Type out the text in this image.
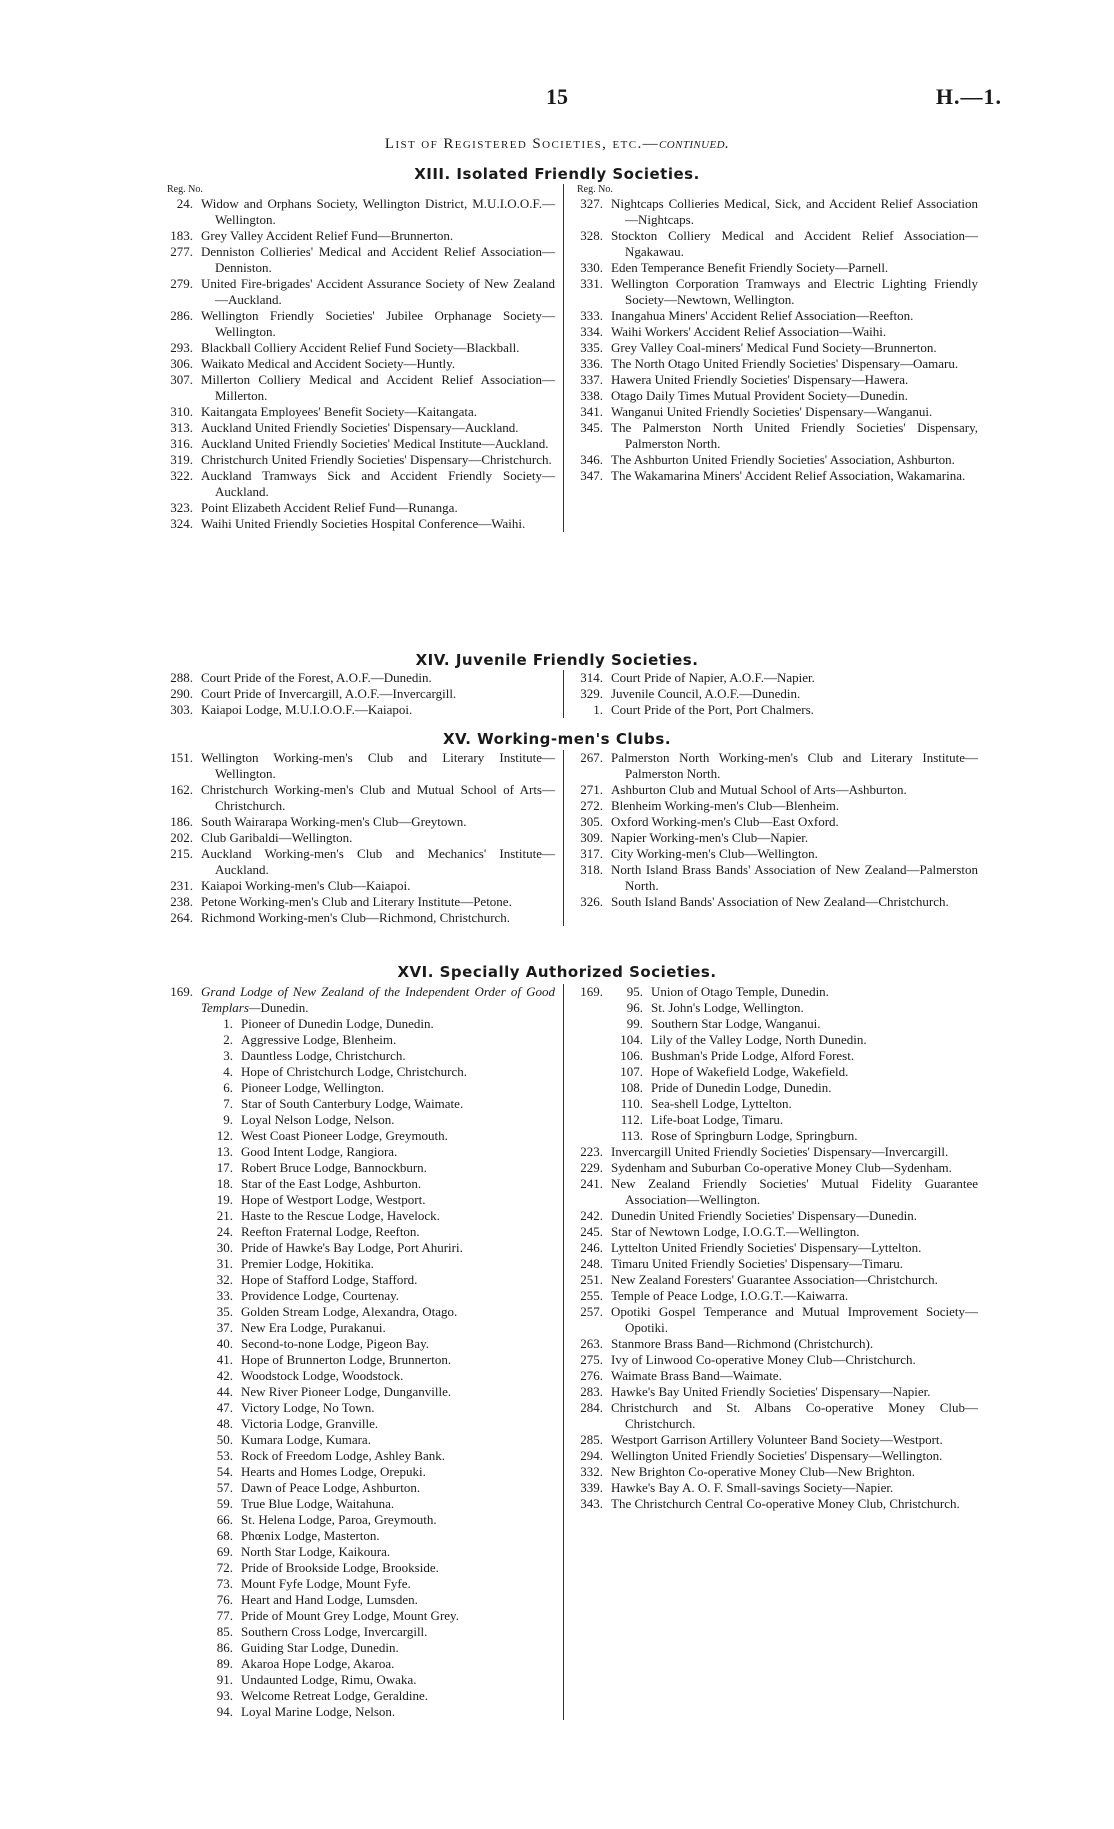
15	H.—1.
List of Registered Societies, etc.—continued.
XIII. Isolated Friendly Societies.
Reg. No.
24. Widow and Orphans Society, Wellington District, M.U.I.O.O.F.—Wellington.
183. Grey Valley Accident Relief Fund—Brunnerton.
277. Denniston Collieries' Medical and Accident Relief Association—Denniston.
279. United Fire-brigades' Accident Assurance Society of New Zealand—Auckland.
286. Wellington Friendly Societies' Jubilee Orphanage Society—Wellington.
293. Blackball Colliery Accident Relief Fund Society—Blackball.
306. Waikato Medical and Accident Society—Huntly.
307. Millerton Colliery Medical and Accident Relief Association—Millerton.
310. Kaitangata Employees' Benefit Society—Kaitangata.
313. Auckland United Friendly Societies' Dispensary—Auckland.
316. Auckland United Friendly Societies' Medical Institute—Auckland.
319. Christchurch United Friendly Societies' Dispensary—Christchurch.
322. Auckland Tramways Sick and Accident Friendly Society—Auckland.
323. Point Elizabeth Accident Relief Fund—Runanga.
324. Waihi United Friendly Societies Hospital Conference—Waihi.
Reg. No.
327. Nightcaps Collieries Medical, Sick, and Accident Relief Association—Nightcaps.
328. Stockton Colliery Medical and Accident Relief Association—Ngakawau.
330. Eden Temperance Benefit Friendly Society—Parnell.
331. Wellington Corporation Tramways and Electric Lighting Friendly Society—Newtown, Wellington.
333. Inangahua Miners' Accident Relief Association—Reefton.
334. Waihi Workers' Accident Relief Association—Waihi.
335. Grey Valley Coal-miners' Medical Fund Society—Brunnerton.
336. The North Otago United Friendly Societies' Dispensary—Oamaru.
337. Hawera United Friendly Societies' Dispensary—Hawera.
338. Otago Daily Times Mutual Provident Society—Dunedin.
341. Wanganui United Friendly Societies' Dispensary—Wanganui.
345. The Palmerston North United Friendly Societies' Dispensary, Palmerston North.
346. The Ashburton United Friendly Societies' Association, Ashburton.
347. The Wakamarina Miners' Accident Relief Association, Wakamarina.
XIV. Juvenile Friendly Societies.
288. Court Pride of the Forest, A.O.F.—Dunedin.
290. Court Pride of Invercargill, A.O.F.—Invercargill.
303. Kaiapoi Lodge, M.U.I.O.O.F.—Kaiapoi.
314. Court Pride of Napier, A.O.F.—Napier.
329. Juvenile Council, A.O.F.—Dunedin.
1. Court Pride of the Port, Port Chalmers.
XV. Working-men's Clubs.
151. Wellington Working-men's Club and Literary Institute—Wellington.
162. Christchurch Working-men's Club and Mutual School of Arts—Christchurch.
186. South Wairarapa Working-men's Club—Greytown.
202. Club Garibaldi—Wellington.
215. Auckland Working-men's Club and Mechanics' Institute—Auckland.
231. Kaiapoi Working-men's Club—Kaiapoi.
238. Petone Working-men's Club and Literary Institute—Petone.
264. Richmond Working-men's Club—Richmond, Christchurch.
267. Palmerston North Working-men's Club and Literary Institute—Palmerston North.
271. Ashburton Club and Mutual School of Arts—Ashburton.
272. Blenheim Working-men's Club—Blenheim.
305. Oxford Working-men's Club—East Oxford.
309. Napier Working-men's Club—Napier.
317. City Working-men's Club—Wellington.
318. North Island Brass Bands' Association of New Zealand—Palmerston North.
326. South Island Bands' Association of New Zealand—Christchurch.
XVI. Specially Authorized Societies.
169. Grand Lodge of New Zealand of the Independent Order of Good Templars—Dunedin.
1. Pioneer of Dunedin Lodge, Dunedin.
2. Aggressive Lodge, Blenheim.
3. Dauntless Lodge, Christchurch.
4. Hope of Christchurch Lodge, Christchurch.
6. Pioneer Lodge, Wellington.
7. Star of South Canterbury Lodge, Waimate.
9. Loyal Nelson Lodge, Nelson.
12. West Coast Pioneer Lodge, Greymouth.
13. Good Intent Lodge, Rangiora.
17. Robert Bruce Lodge, Bannockburn.
18. Star of the East Lodge, Ashburton.
19. Hope of Westport Lodge, Westport.
21. Haste to the Rescue Lodge, Havelock.
24. Reefton Fraternal Lodge, Reefton.
30. Pride of Hawke's Bay Lodge, Port Ahuriri.
31. Premier Lodge, Hokitika.
32. Hope of Stafford Lodge, Stafford.
33. Providence Lodge, Courtenay.
35. Golden Stream Lodge, Alexandra, Otago.
37. New Era Lodge, Purakanui.
40. Second-to-none Lodge, Pigeon Bay.
41. Hope of Brunnerton Lodge, Brunnerton.
42. Woodstock Lodge, Woodstock.
44. New River Pioneer Lodge, Dunganville.
47. Victory Lodge, No Town.
48. Victoria Lodge, Granville.
50. Kumara Lodge, Kumara.
53. Rock of Freedom Lodge, Ashley Bank.
54. Hearts and Homes Lodge, Orepuki.
57. Dawn of Peace Lodge, Ashburton.
59. True Blue Lodge, Waitahuna.
66. St. Helena Lodge, Paroa, Greymouth.
68. Phœnix Lodge, Masterton.
69. North Star Lodge, Kaikoura.
72. Pride of Brookside Lodge, Brookside.
73. Mount Fyfe Lodge, Mount Fyfe.
76. Heart and Hand Lodge, Lumsden.
77. Pride of Mount Grey Lodge, Mount Grey.
85. Southern Cross Lodge, Invercargill.
86. Guiding Star Lodge, Dunedin.
89. Akaroa Hope Lodge, Akaroa.
91. Undaunted Lodge, Rimu, Owaka.
93. Welcome Retreat Lodge, Geraldine.
94. Loyal Marine Lodge, Nelson.
169.	95. Union of Otago Temple, Dunedin.
96. St. John's Lodge, Wellington.
99. Southern Star Lodge, Wanganui.
104. Lily of the Valley Lodge, North Dunedin.
106. Bushman's Pride Lodge, Alford Forest.
107. Hope of Wakefield Lodge, Wakefield.
108. Pride of Dunedin Lodge, Dunedin.
110. Sea-shell Lodge, Lyttelton.
112. Life-boat Lodge, Timaru.
113. Rose of Springburn Lodge, Springburn.
223. Invercargill United Friendly Societies' Dispensary—Invercargill.
229. Sydenham and Suburban Co-operative Money Club—Sydenham.
241. New Zealand Friendly Societies' Mutual Fidelity Guarantee Association—Wellington.
242. Dunedin United Friendly Societies' Dispensary—Dunedin.
245. Star of Newtown Lodge, I.O.G.T.—Wellington.
246. Lyttelton United Friendly Societies' Dispensary—Lyttelton.
248. Timaru United Friendly Societies' Dispensary—Timaru.
251. New Zealand Foresters' Guarantee Association—Christchurch.
255. Temple of Peace Lodge, I.O.G.T.—Kaiwarra.
257. Opotiki Gospel Temperance and Mutual Improvement Society—Opotiki.
263. Stanmore Brass Band—Richmond (Christchurch).
275. Ivy of Linwood Co-operative Money Club—Christchurch.
276. Waimate Brass Band—Waimate.
283. Hawke's Bay United Friendly Societies' Dispensary—Napier.
284. Christchurch and St. Albans Co-operative Money Club—Christchurch.
285. Westport Garrison Artillery Volunteer Band Society—Westport.
294. Wellington United Friendly Societies' Dispensary—Wellington.
332. New Brighton Co-operative Money Club—New Brighton.
339. Hawke's Bay A. O. F. Small-savings Society—Napier.
343. The Christchurch Central Co-operative Money Club, Christchurch.
